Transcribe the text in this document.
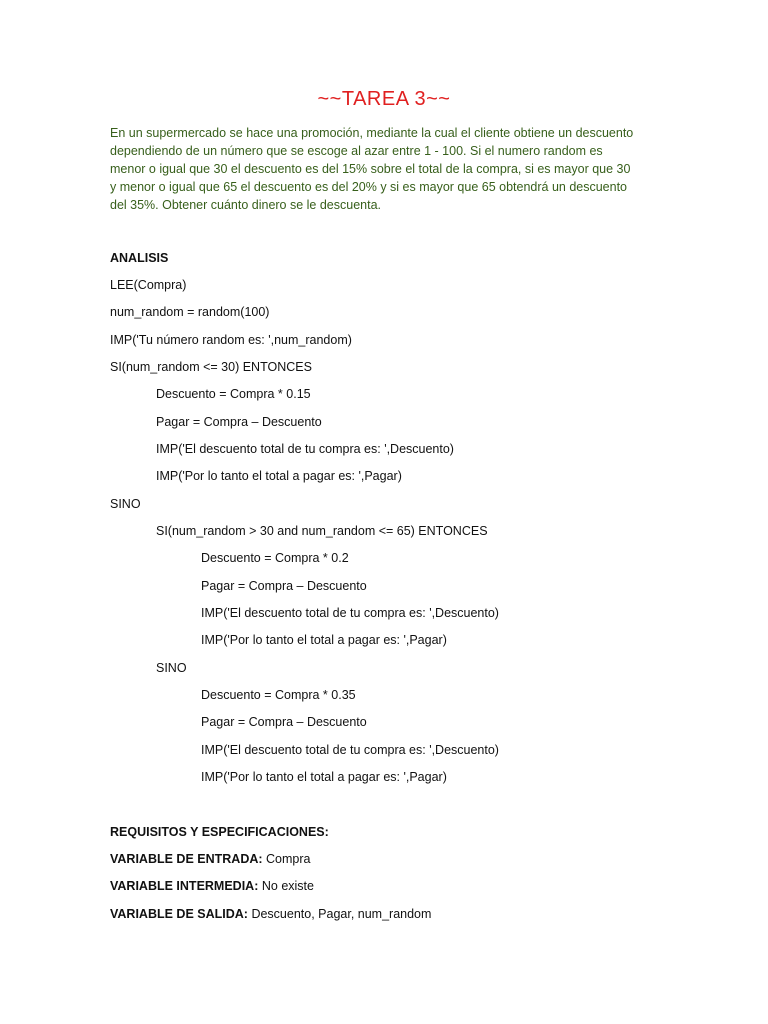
~~TAREA 3~~
En un supermercado se hace una promoción, mediante la cual el cliente obtiene un descuento dependiendo de un número que se escoge al azar entre 1 - 100. Si el numero random es menor o igual que 30 el descuento es del 15% sobre el total de la compra, si es mayor que 30 y menor o igual que 65 el descuento es del 20% y si es mayor que 65 obtendrá un descuento del 35%. Obtener cuánto dinero se le descuenta.
ANALISIS
LEE(Compra)
num_random = random(100)
IMP('Tu número random es: ',num_random)
SI(num_random <= 30) ENTONCES
Descuento = Compra * 0.15
Pagar = Compra – Descuento
IMP('El descuento total de tu compra es: ',Descuento)
IMP('Por lo tanto el total a pagar es: ',Pagar)
SINO
SI(num_random > 30 and num_random <= 65) ENTONCES
Descuento = Compra * 0.2
Pagar = Compra – Descuento
IMP('El descuento total de tu compra es: ',Descuento)
IMP('Por lo tanto el total a pagar es: ',Pagar)
SINO
Descuento = Compra * 0.35
Pagar = Compra – Descuento
IMP('El descuento total de tu compra es: ',Descuento)
IMP('Por lo tanto el total a pagar es: ',Pagar)
REQUISITOS Y ESPECIFICACIONES:
VARIABLE DE ENTRADA: Compra
VARIABLE INTERMEDIA: No existe
VARIABLE DE SALIDA: Descuento, Pagar, num_random
